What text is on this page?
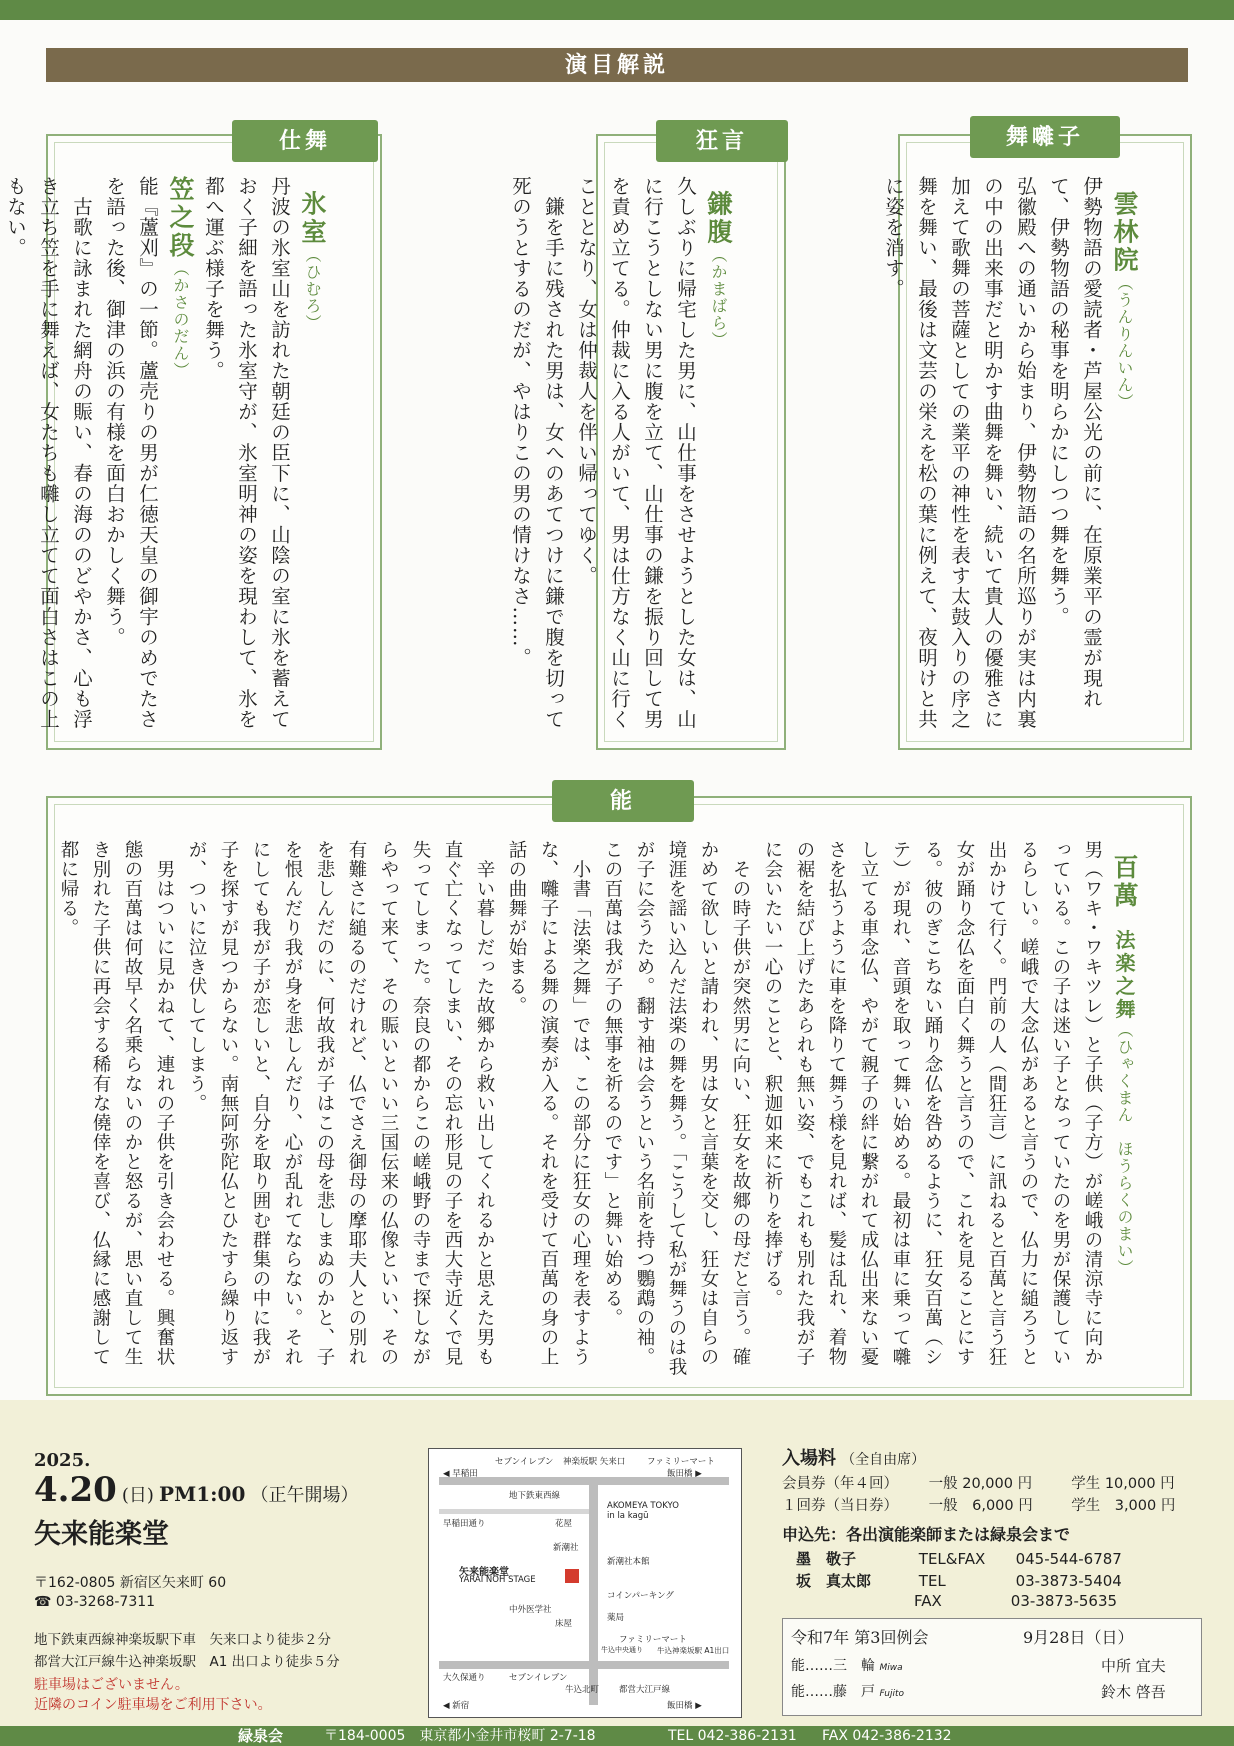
演目解説
仕舞

氷室（ひむろ）
丹波の氷室山を訪れた朝廷の臣下に、山陰の室に氷を蓄えておく子細を語った氷室守が、氷室明神の姿を現わして、氷を都へ運ぶ様子を舞う。
笠之段（かさのだん）
能『蘆刈』の一節。蘆売りの男が仁徳天皇の御宇のめでたさを語った後、御津の浜の有様を面白おかしく舞う。
　古歌に詠まれた網舟の賑い、春の海ののどやかさ、心も浮き立ち笠を手に舞えば、女たちも囃し立てて面白さはこの上もない。

狂言

鎌腹（かまばら）
久しぶりに帰宅した男に、山仕事をさせようとした女は、山に行こうとしない男に腹を立て、山仕事の鎌を振り回して男を責め立てる。仲裁に入る人がいて、男は仕方なく山に行くこととなり、女は仲裁人を伴い帰ってゆく。
　鎌を手に残された男は、女へのあてつけに鎌で腹を切って死のうとするのだが、やはりこの男の情けなさ……。

舞囃子

雲林院（うんりんいん）
伊勢物語の愛読者・芦屋公光の前に、在原業平の霊が現れて、伊勢物語の秘事を明らかにしつつ舞を舞う。
弘徽殿への通いから始まり、伊勢物語の名所巡りが実は内裏の中の出来事だと明かす曲舞を舞い、続いて貴人の優雅さに加えて歌舞の菩薩としての業平の神性を表す太鼓入りの序之舞を舞い、最後は文芸の栄えを松の葉に例えて、夜明けと共に姿を消す。

能

百萬　法楽之舞（ひゃくまん　ほうらくのまい）
男（ワキ・ワキツレ）と子供（子方）が嵯峨の清涼寺に向かっている。この子は迷い子となっていたのを男が保護しているらしい。嵯峨で大念仏があると言うので、仏力に縋ろうと出かけて行く。門前の人（間狂言）に訊ねると百萬と言う狂女が踊り念仏を面白く舞うと言うので、これを見ることにする。彼のぎこちない踊り念仏を咎めるように、狂女百萬（シテ）が現れ、音頭を取って舞い始める。最初は車に乗って囃し立てる車念仏、やがて親子の絆に繋がれて成仏出来ない憂さを払うように車を降りて舞う様を見れば、髪は乱れ、着物の裾を結び上げたあられも無い姿、でもこれも別れた我が子に会いたい一心のことと、釈迦如来に祈りを捧げる。
　その時子供が突然男に向い、狂女を故郷の母だと言う。確かめて欲しいと請われ、男は女と言葉を交し、狂女は自らの境涯を謡い込んだ法楽の舞を舞う。「こうして私が舞うのは我が子に会うため。翻す袖は会うという名前を持つ鸚鵡の袖。この百萬は我が子の無事を祈るのです」と舞い始める。
　小書「法楽之舞」では、この部分に狂女の心理を表すような、囃子による舞の演奏が入る。それを受けて百萬の身の上話の曲舞が始まる。
　辛い暮しだった故郷から救い出してくれるかと思えた男も直ぐ亡くなってしまい、その忘れ形見の子を西大寺近くで見失ってしまった。奈良の都からこの嵯峨野の寺まで探しながらやって来て、その賑いといい三国伝来の仏像といい、その有難さに縋るのだけれど、仏でさえ御母の摩耶夫人との別れを悲しんだのに、何故我が子はこの母を悲しまぬのかと、子を恨んだり我が身を悲しんだり、心が乱れてならない。それにしても我が子が恋しいと、自分を取り囲む群集の中に我が子を探すが見つからない。南無阿弥陀仏とひたすら繰り返すが、ついに泣き伏してしまう。
　男はついに見かねて、連れの子供を引き会わせる。興奮状態の百萬は何故早く名乗らないのかと怒るが、思い直して生き別れた子供に再会する稀有な僥倖を喜び、仏縁に感謝して都に帰る。

2025.
4.20 (日) PM1:00 （正午開場）
矢来能楽堂
〒162-0805 新宿区矢来町 60
☎ 03-3268-7311
地下鉄東西線神楽坂駅下車　矢来口より徒歩２分
都営大江戸線牛込神楽坂駅　A1 出口より徒歩５分
駐車場はございません。
近隣のコイン駐車場をご利用下さい。
セブンイレブン 神楽坂駅 矢来口	ファミリーマート
◀ 早稲田	飯田橋 ▶
地下鉄東西線
早稲田通り	花屋
AKOMEYA TOKYO in la kagū
新潮社
新潮社本館
矢来能楽堂
YARAI NOH STAGE
コインパーキング
中外医学社
床屋
薬局
ファミリーマート
牛込中央通り 牛込神楽坂駅 A1出口
大久保通り	セブンイレブン
牛込北町 都営大江戸線
◀ 新宿	飯田橋 ▶
入場料 （全自由席）
会員券（年４回） 一般 20,000 円	学生 10,000 円
１回券（当日券） 一般　6,000 円	学生　3,000 円
申込先：各出演能楽師または緑泉会まで
墨　敬子	TEL&FAX 045-544-6787
坂　真太郎	TEL	03-3873-5404
FAX	03-3873-5635
令和7年 第3回例会	9月28日（日）
能……三　輪 Miwa	中所 宜夫
能……藤　戸 Fujito	鈴木 啓吾
緑泉会	〒184-0005　東京都小金井市桜町 2-7-18	TEL 042-386-2131 FAX 042-386-2132
